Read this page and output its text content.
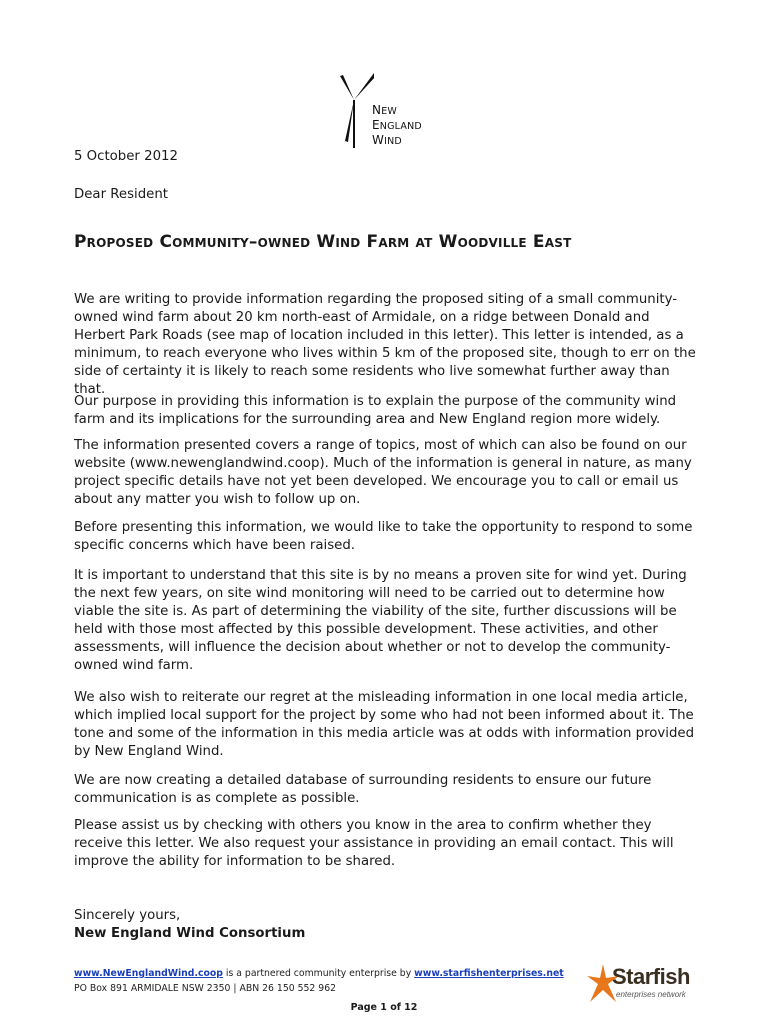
NEW
ENGLAND
WIND
5 October 2012
Dear Resident
Proposed Community–owned Wind Farm at Woodville East
We are writing to provide information regarding the proposed siting of a small community-owned wind farm about 20 km north-east of Armidale, on a ridge between Donald and Herbert Park Roads (see map of location included in this letter). This letter is intended, as a minimum, to reach everyone who lives within 5 km of the proposed site, though to err on the side of certainty it is likely to reach some residents who live somewhat further away than that.
Our purpose in providing this information is to explain the purpose of the community wind farm and its implications for the surrounding area and New England region more widely.
The information presented covers a range of topics, most of which can also be found on our website (www.newenglandwind.coop). Much of the information is general in nature, as many project specific details have not yet been developed. We encourage you to call or email us about any matter you wish to follow up on.
Before presenting this information, we would like to take the opportunity to respond to some specific concerns which have been raised.
It is important to understand that this site is by no means a proven site for wind yet. During the next few years, on site wind monitoring will need to be carried out to determine how viable the site is. As part of determining the viability of the site, further discussions will be held with those most affected by this possible development. These activities, and other assessments, will influence the decision about whether or not to develop the community-owned wind farm.
We also wish to reiterate our regret at the misleading information in one local media article, which implied local support for the project by some who had not been informed about it. The tone and some of the information in this media article was at odds with information provided by New England Wind.
We are now creating a detailed database of surrounding residents to ensure our future communication is as complete as possible.
Please assist us by checking with others you know in the area to confirm whether they receive this letter. We also request your assistance in providing an email contact. This will improve the ability for information to be shared.
Sincerely yours,
New England Wind Consortium
www.NewEnglandWind.coop is a partnered community enterprise by www.starfishenterprises.net
PO Box 891 ARMIDALE NSW 2350 | ABN 26 150 552 962
Page 1 of 12
Starfish
enterprises network
